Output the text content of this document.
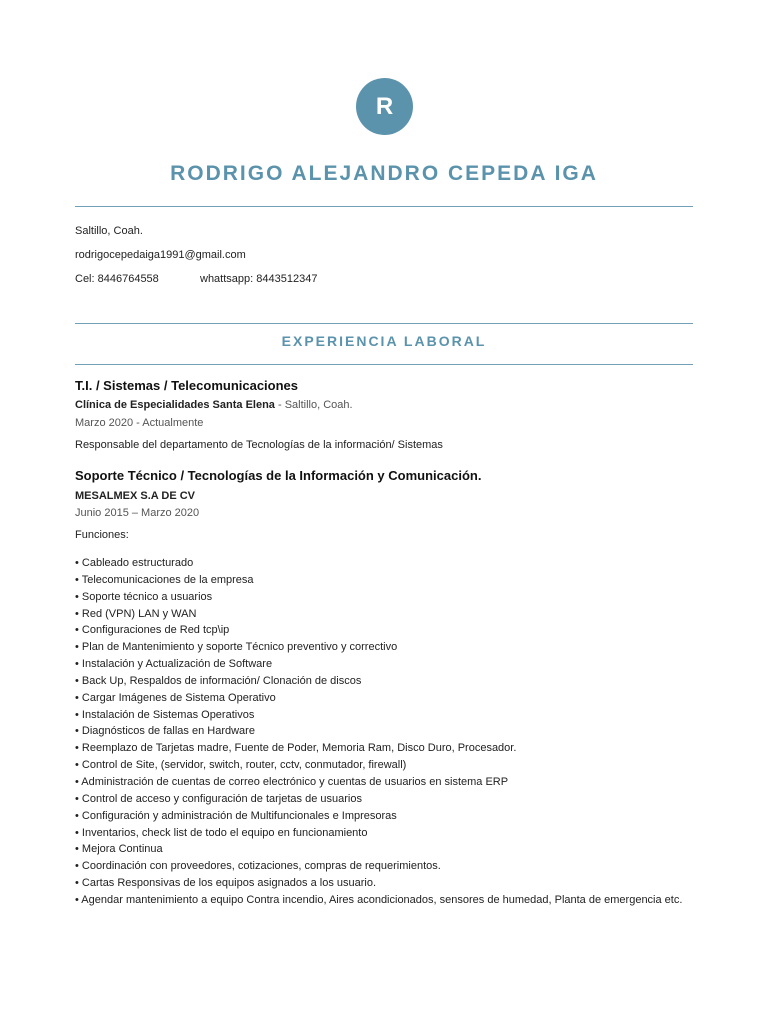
R
RODRIGO ALEJANDRO CEPEDA IGA
Saltillo, Coah.
rodrigocepedaiga1991@gmail.com
Cel: 8446764558	whattsapp: 8443512347
EXPERIENCIA LABORAL
T.I. / Sistemas / Telecomunicaciones
Clínica de Especialidades Santa Elena - Saltillo, Coah.
Marzo 2020 - Actualmente
Responsable del departamento de Tecnologías de la información/ Sistemas
Soporte Técnico / Tecnologías de la Información y Comunicación.
MESALMEX S.A DE CV
Junio 2015 – Marzo 2020
Funciones:
• Cableado estructurado
• Telecomunicaciones de la empresa
• Soporte técnico a usuarios
• Red (VPN) LAN y WAN
• Configuraciones de Red tcp\ip
• Plan de Mantenimiento y soporte Técnico preventivo y correctivo
• Instalación y Actualización de Software
• Back Up, Respaldos de información/ Clonación de discos
• Cargar Imágenes de Sistema Operativo
• Instalación de Sistemas Operativos
• Diagnósticos de fallas en Hardware
• Reemplazo de Tarjetas madre, Fuente de Poder, Memoria Ram, Disco Duro, Procesador.
• Control de Site, (servidor, switch, router, cctv, conmutador, firewall)
• Administración de cuentas de correo electrónico y cuentas de usuarios en sistema ERP
• Control de acceso y configuración de tarjetas de usuarios
• Configuración y administración de Multifuncionales e Impresoras
• Inventarios, check list de todo el equipo en funcionamiento
• Mejora Continua
• Coordinación con proveedores, cotizaciones, compras de requerimientos.
• Cartas Responsivas de los equipos asignados a los usuario.
• Agendar mantenimiento a equipo Contra incendio, Aires acondicionados, sensores de humedad, Planta de emergencia etc.
